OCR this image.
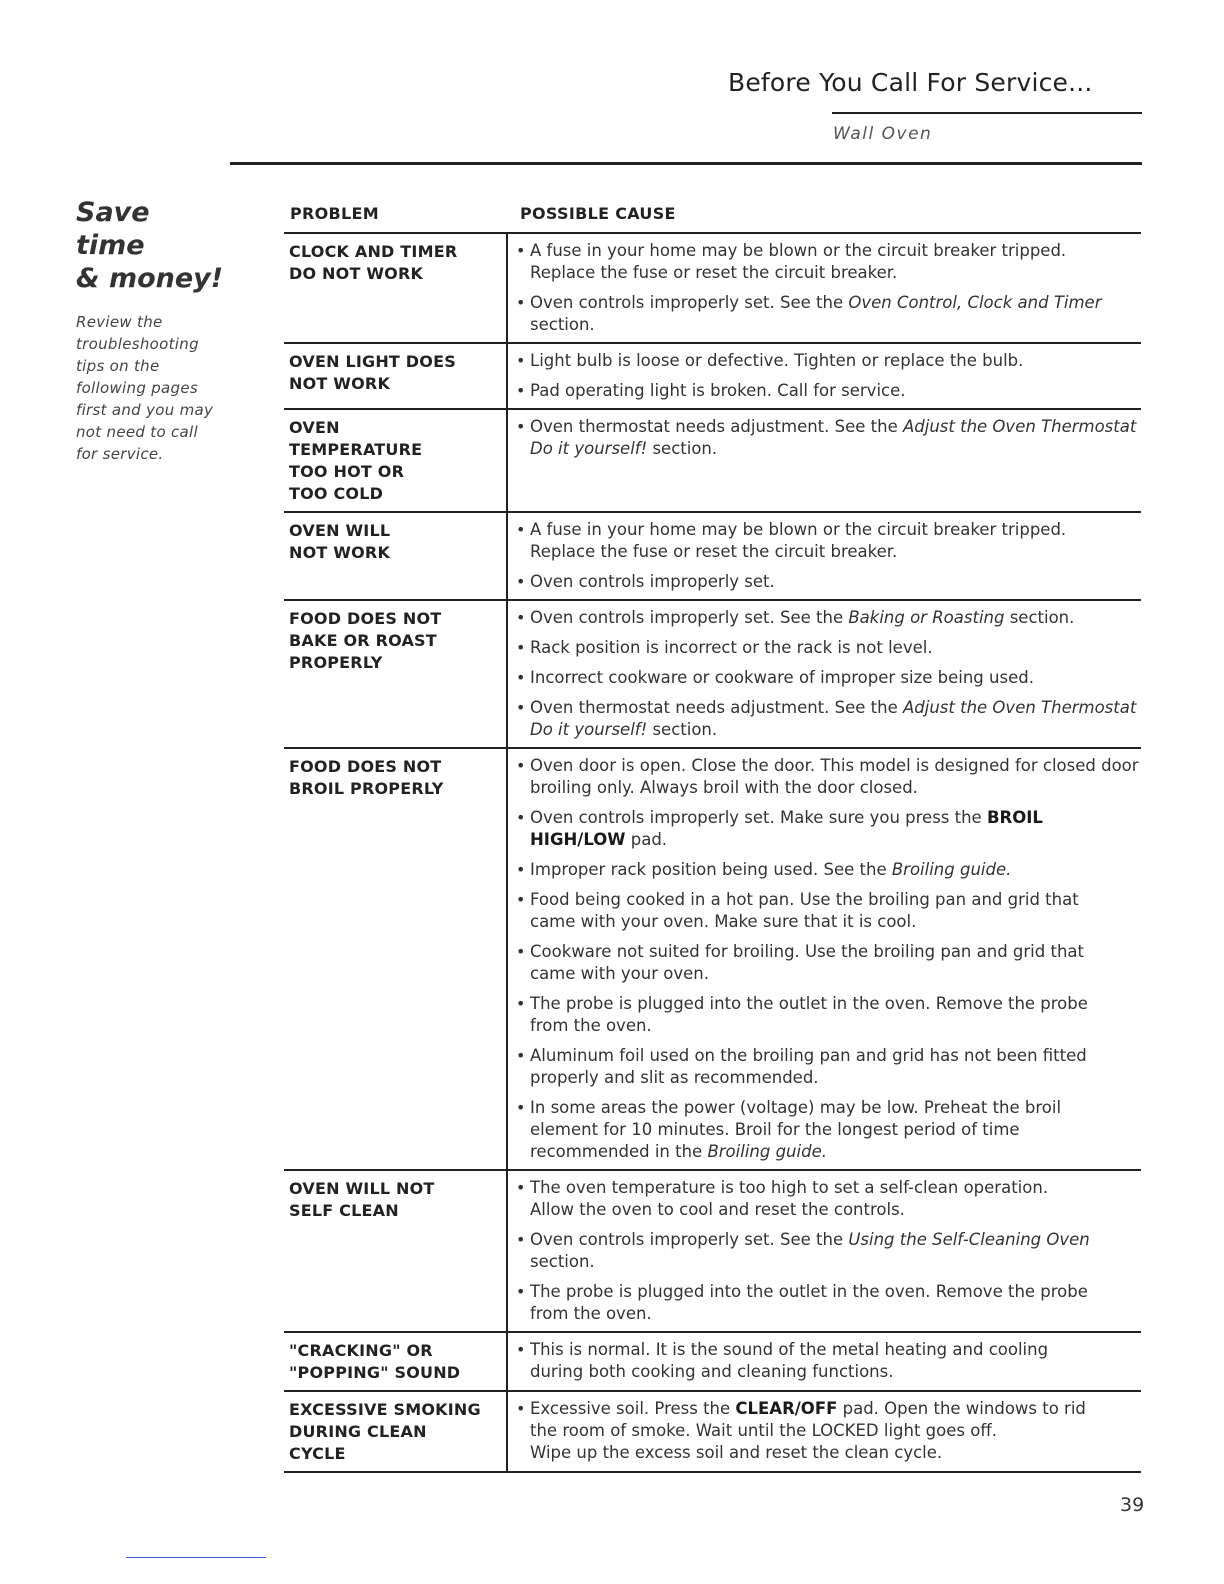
Before You Call For Service...
Wall Oven
Save time
& money!
Review the
troubleshooting
tips on the
following pages
first and you may
not need to call
for service.
PROBLEM	POSSIBLE CAUSE
CLOCK AND TIMER
DO NOT WORK
• A fuse in your home may be blown or the circuit breaker tripped.
Replace the fuse or reset the circuit breaker.
• Oven controls improperly set. See the Oven Control, Clock and Timer
section.
OVEN LIGHT DOES
NOT WORK
• Light bulb is loose or defective. Tighten or replace the bulb.
• Pad operating light is broken. Call for service.
OVEN
TEMPERATURE
TOO HOT OR
TOO COLD
• Oven thermostat needs adjustment. See the Adjust the Oven Thermostat
Do it yourself! section.
OVEN WILL
NOT WORK
• A fuse in your home may be blown or the circuit breaker tripped.
Replace the fuse or reset the circuit breaker.
• Oven controls improperly set.
FOOD DOES NOT
BAKE OR ROAST
PROPERLY
• Oven controls improperly set. See the Baking or Roasting section.
• Rack position is incorrect or the rack is not level.
• Incorrect cookware or cookware of improper size being used.
• Oven thermostat needs adjustment. See the Adjust the Oven Thermostat
Do it yourself! section.
FOOD DOES NOT
BROIL PROPERLY
• Oven door is open. Close the door. This model is designed for closed door
broiling only. Always broil with the door closed.
• Oven controls improperly set. Make sure you press the BROIL
HIGH/LOW pad.
• Improper rack position being used. See the Broiling guide.
• Food being cooked in a hot pan. Use the broiling pan and grid that
came with your oven. Make sure that it is cool.
• Cookware not suited for broiling. Use the broiling pan and grid that
came with your oven.
• The probe is plugged into the outlet in the oven. Remove the probe
from the oven.
• Aluminum foil used on the broiling pan and grid has not been fitted
properly and slit as recommended.
• In some areas the power (voltage) may be low. Preheat the broil
element for 10 minutes. Broil for the longest period of time
recommended in the Broiling guide.
OVEN WILL NOT
SELF CLEAN
• The oven temperature is too high to set a self-clean operation.
Allow the oven to cool and reset the controls.
• Oven controls improperly set. See the Using the Self-Cleaning Oven
section.
• The probe is plugged into the outlet in the oven. Remove the probe
from the oven.
"CRACKING" OR
"POPPING" SOUND
• This is normal. It is the sound of the metal heating and cooling
during both cooking and cleaning functions.
EXCESSIVE SMOKING
DURING CLEAN
CYCLE
• Excessive soil. Press the CLEAR/OFF pad. Open the windows to rid
the room of smoke. Wait until the LOCKED light goes off.
Wipe up the excess soil and reset the clean cycle.
39
